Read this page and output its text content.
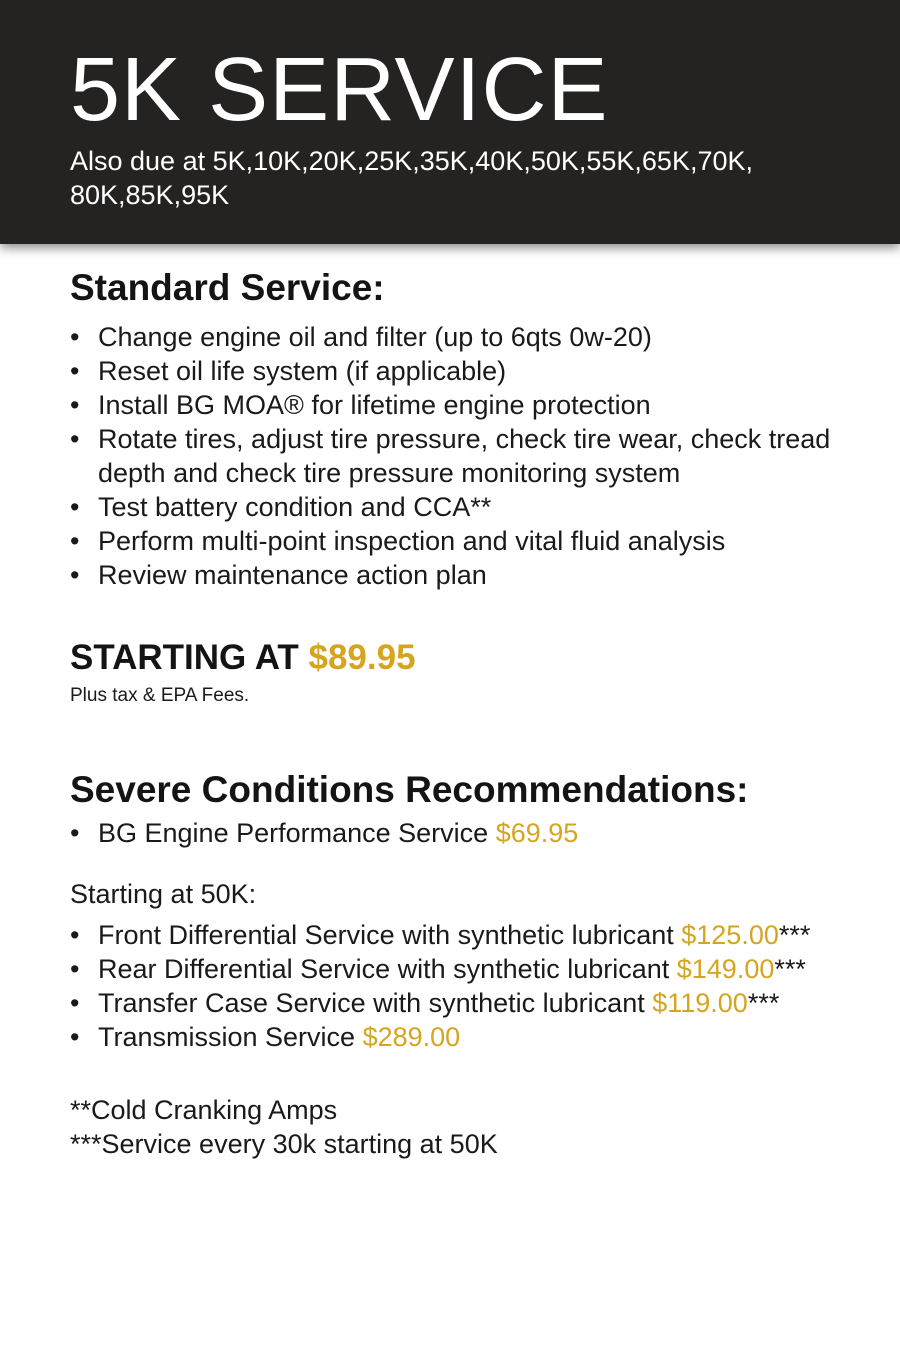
5K SERVICE

Also due at 5K,10K,20K,25K,35K,40K,50K,55K,65K,70K, 80K,85K,95K

Standard Service:
• Change engine oil and filter (up to 6qts 0w-20)
• Reset oil life system (if applicable)
• Install BG MOA® for lifetime engine protection
• Rotate tires, adjust tire pressure, check tire wear, check tread depth and check tire pressure monitoring system
• Test battery condition and CCA**
• Perform multi-point inspection and vital fluid analysis
• Review maintenance action plan

STARTING AT $89.95

Plus tax & EPA Fees.

Severe Conditions Recommendations:
• BG Engine Performance Service $69.95

Starting at 50K:

• Front Differential Service with synthetic lubricant $125.00***
• Rear Differential Service with synthetic lubricant $149.00***
• Transfer Case Service with synthetic lubricant $119.00***
• Transmission Service $289.00

**Cold Cranking Amps

***Service every 30k starting at 50K
